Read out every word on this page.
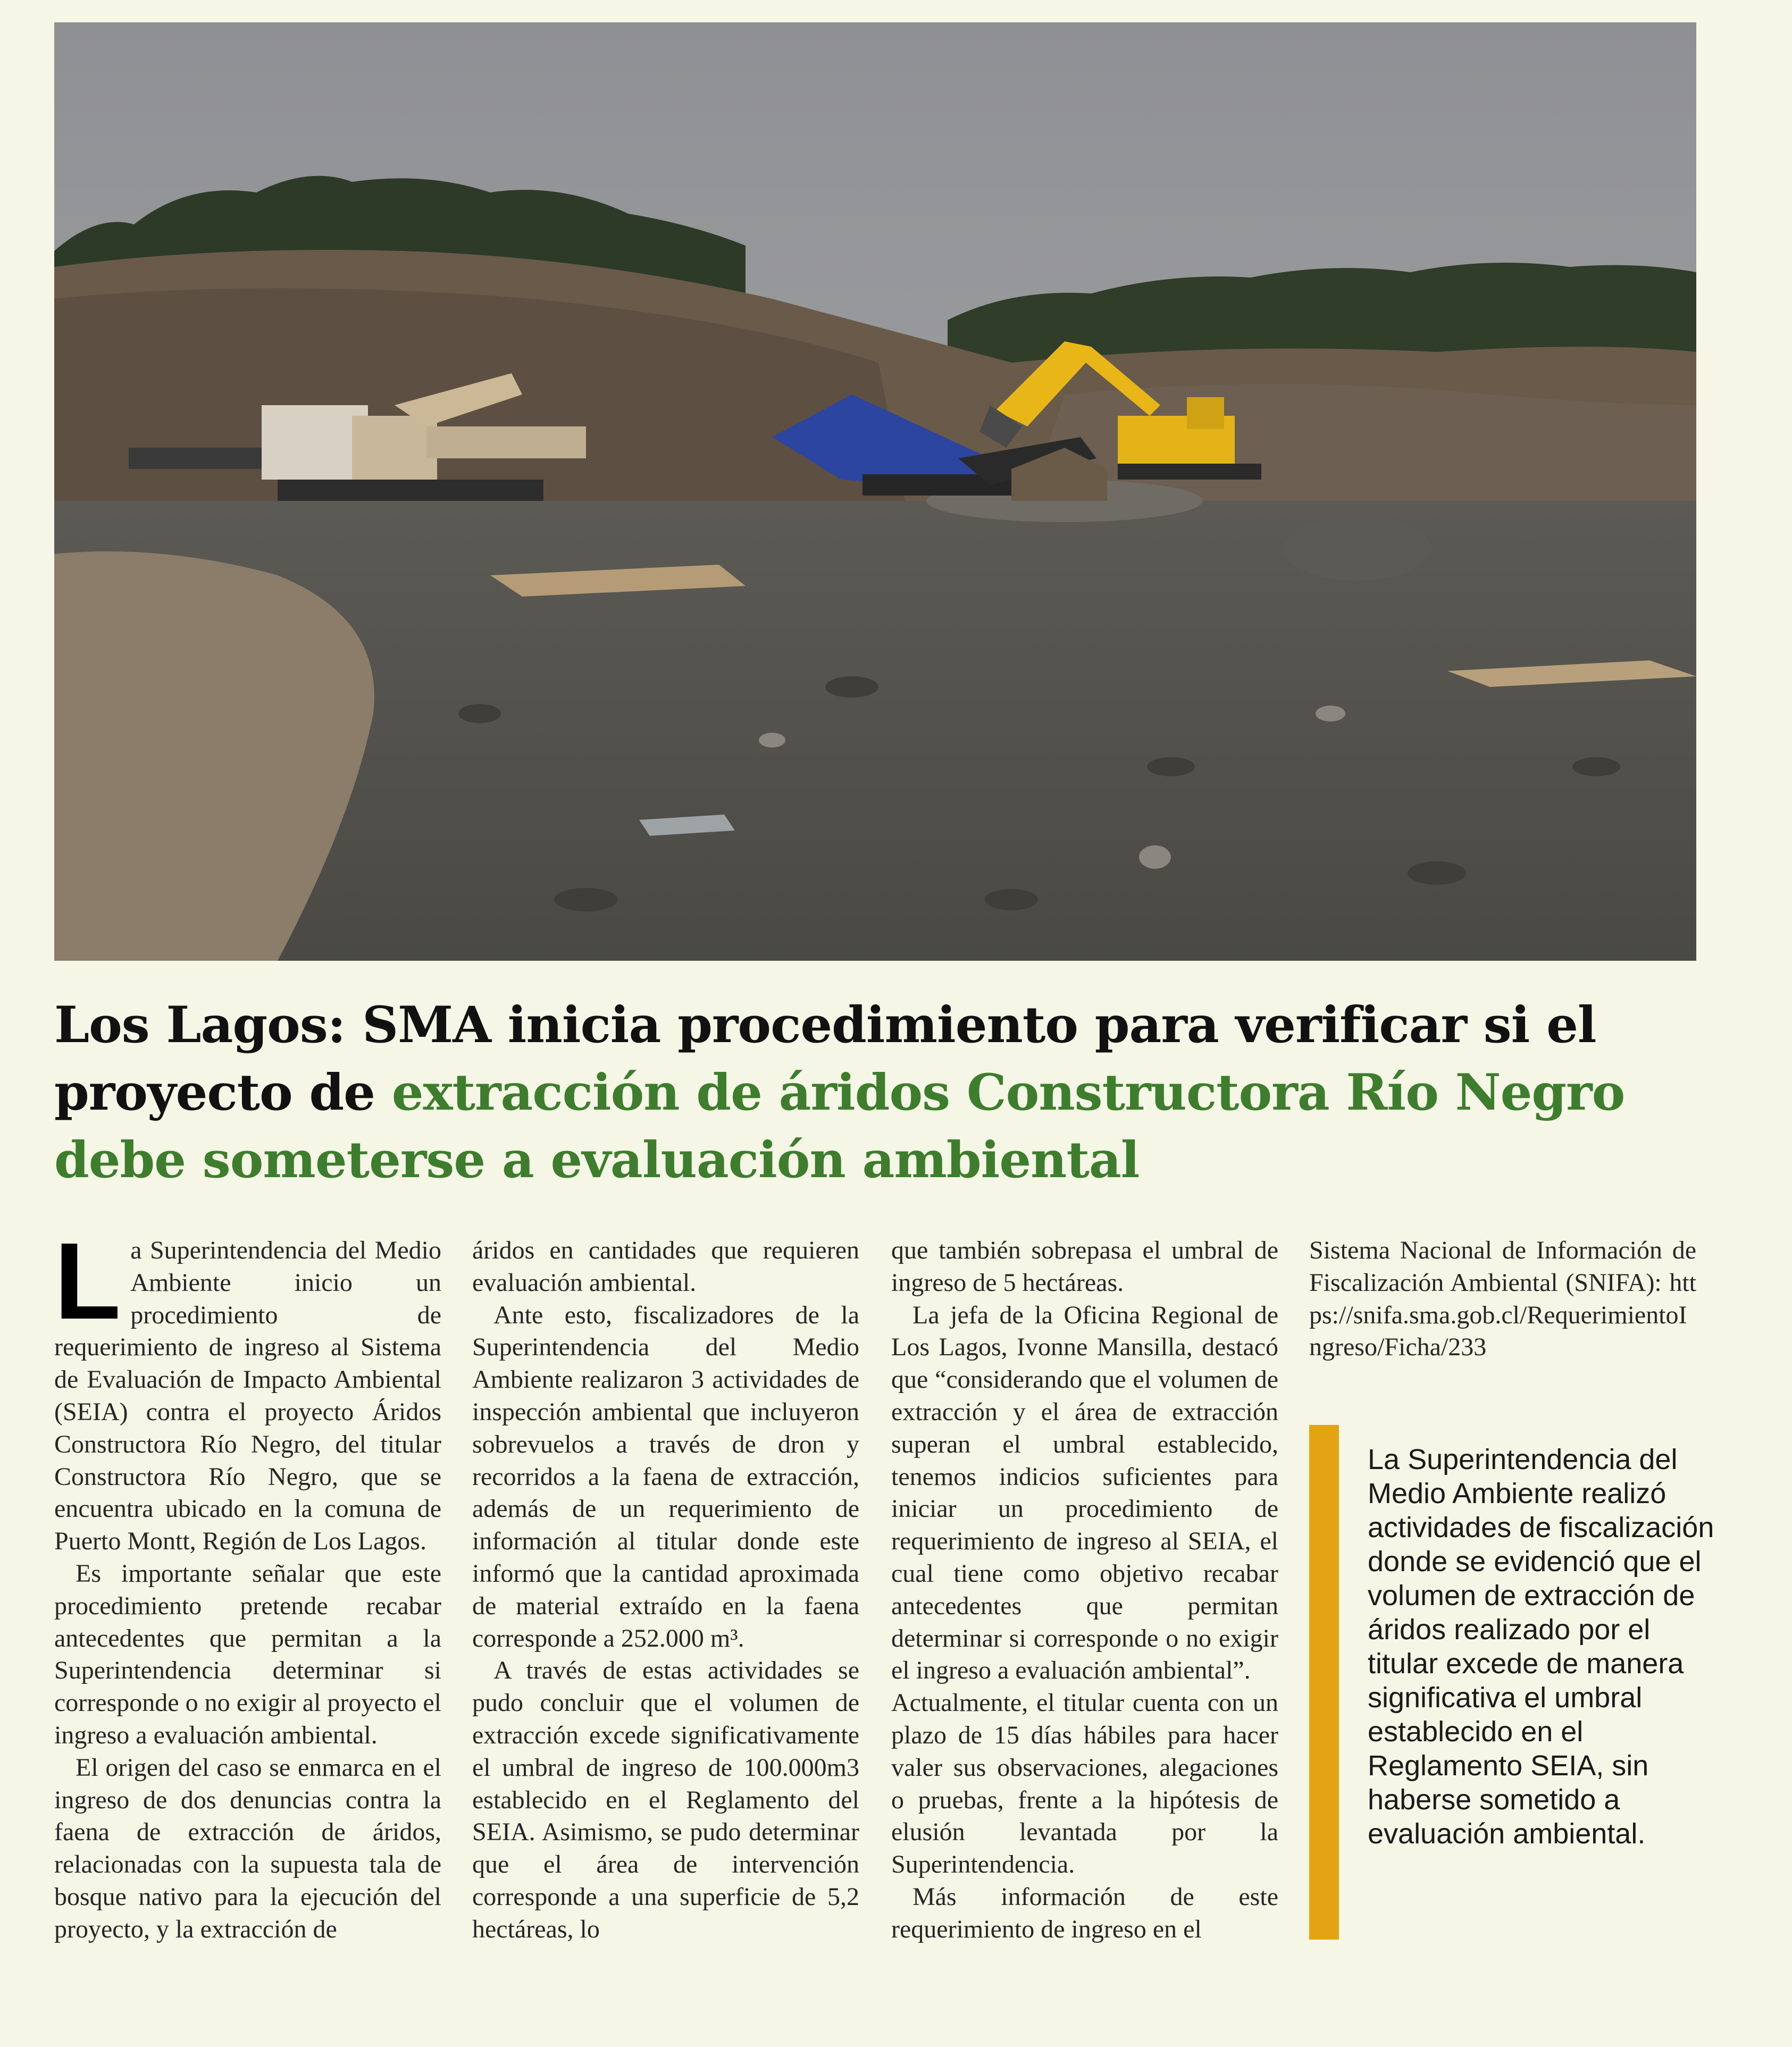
Los Lagos: SMA inicia procedimiento para verificar si el proyecto de extracción de áridos Constructora Río Negro debe someterse a evaluación ambiental
L a Superintendencia del Medio Ambiente inicio un procedimiento de requerimiento de ingreso al Sistema de Evaluación de Impacto Ambiental (SEIA) contra el proyecto Áridos Constructora Río Negro, del titular Constructora Río Negro, que se encuentra ubicado en la comuna de Puerto Montt, Región de Los Lagos.

Es importante señalar que este procedimiento pretende recabar antecedentes que permitan a la Superintendencia determinar si corresponde o no exigir al proyecto el ingreso a evaluación ambiental.

El origen del caso se enmarca en el ingreso de dos denuncias contra la faena de extracción de áridos, relacionadas con la supuesta tala de bosque nativo para la ejecución del proyecto, y la extracción de

áridos en cantidades que requieren evaluación ambiental.

Ante esto, fiscalizadores de la Superintendencia del Medio Ambiente realizaron 3 actividades de inspección ambiental que incluyeron sobrevuelos a través de dron y recorridos a la faena de extracción, además de un requerimiento de información al titular donde este informó que la cantidad aproximada de material extraído en la faena corresponde a 252.000 m³.

A través de estas actividades se pudo concluir que el volumen de extracción excede significativamente el umbral de ingreso de 100.000m3 establecido en el Reglamento del SEIA. Asimismo, se pudo determinar que el área de intervención corresponde a una superficie de 5,2 hectáreas, lo

que también sobrepasa el umbral de ingreso de 5 hectáreas.

La jefa de la Oficina Regional de Los Lagos, Ivonne Mansilla, destacó que “considerando que el volumen de extracción y el área de extracción superan el umbral establecido, tenemos indicios suficientes para iniciar un procedimiento de requerimiento de ingreso al SEIA, el cual tiene como objetivo recabar antecedentes que permitan determinar si corresponde o no exigir el ingreso a evaluación ambiental”.

Actualmente, el titular cuenta con un plazo de 15 días hábiles para hacer valer sus observaciones, alegaciones o pruebas, frente a la hipótesis de elusión levantada por la Superintendencia.

Más información de este requerimiento de ingreso en el

Sistema Nacional de Información de Fiscalización Ambiental (SNIFA): https://snifa.sma.gob.cl/RequerimientoIngreso/Ficha/233

La Superintendencia del Medio Ambiente realizó actividades de fiscalización donde se evidenció que el volumen de extracción de áridos realizado por el titular excede de manera significativa el umbral establecido en el Reglamento SEIA, sin haberse sometido a evaluación ambiental.
